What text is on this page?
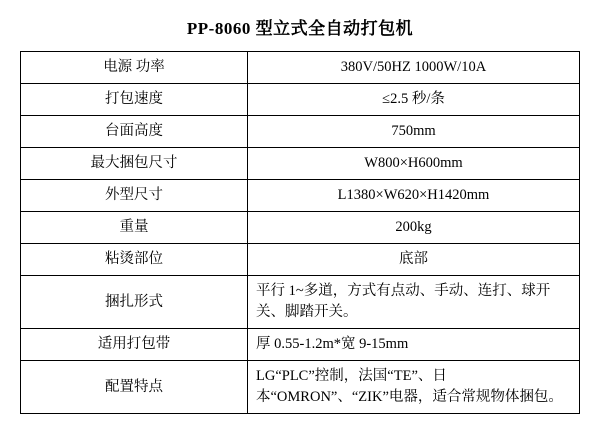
PP-8060 型立式全自动打包机
电源 功率	380V/50HZ 1000W/10A
打包速度	≤2.5 秒/条
台面高度	750mm
最大捆包尺寸	W800×H600mm
外型尺寸	L1380×W620×H1420mm
重量	200kg
粘烫部位	底部
捆扎形式	平行 1~多道，方式有点动、手动、连打、球开关、脚踏开关。
适用打包带	厚 0.55-1.2m*宽 9-15mm
配置特点	LG“PLC”控制，法国“TE”、日本“OMRON”、“ZIK”电器，适合常规物体捆包。
